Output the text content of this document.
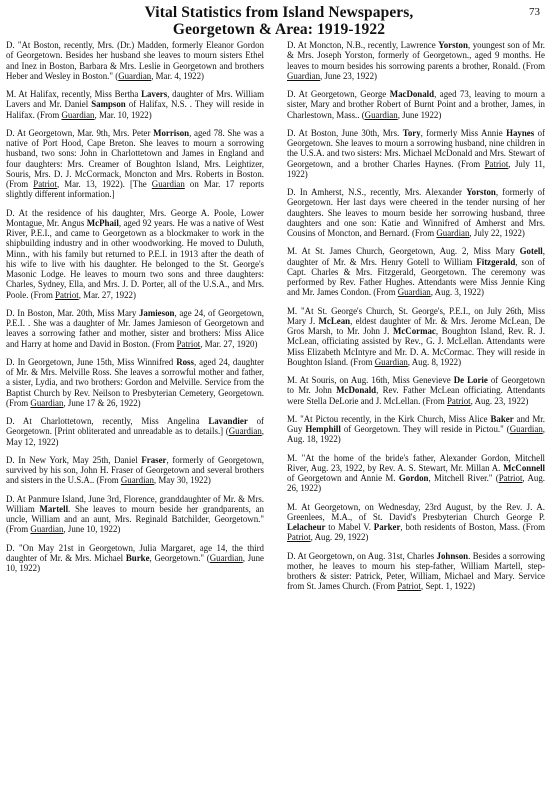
Vital Statistics from Island Newspapers,
Georgetown & Area: 1919-1922
73

D. "At Boston, recently, Mrs. (Dr.) Madden, formerly Eleanor Gordon of Georgetown. Besides her husband she leaves to mourn sisters Ethel and Inez in Boston, Barbara & Mrs. Leslie in Georgetown and brothers Heber and Wesley in Boston." (Guardian, Mar. 4, 1922)

M. At Halifax, recently, Miss Bertha Lavers, daughter of Mrs. William Lavers and Mr. Daniel Sampson of Halifax, N.S. . They will reside in Halifax. (From Guardian, Mar. 10, 1922)

D. At Georgetown, Mar. 9th, Mrs. Peter Morrison, aged 78. She was a native of Port Hood, Cape Breton. She leaves to mourn a sorrowing husband, two sons: John in Charlottetown and James in England and four daughters: Mrs. Creamer of Boughton Island, Mrs. Leightizer, Souris, Mrs. D. J. McCormack, Moncton and Mrs. Roberts in Boston. (From Patriot, Mar. 13, 1922). [The Guardian on Mar. 17 reports slightly different information.]

D. At the residence of his daughter, Mrs. George A. Poole, Lower Montague, Mr. Angus McPhail, aged 92 years. He was a native of West River, P.E.I., and came to Georgetown as a blockmaker to work in the shipbuilding industry and in other woodworking. He moved to Duluth, Minn., with his family but returned to P.E.I. in 1913 after the death of his wife to live with his daughter. He belonged to the St. George's Masonic Lodge. He leaves to mourn two sons and three daughters: Charles, Sydney, Ella, and Mrs. J. D. Porter, all of the U.S.A., and Mrs. Poole. (From Patriot, Mar. 27, 1922)

D. In Boston, Mar. 20th, Miss Mary Jamieson, age 24, of Georgetown, P.E.I. . She was a daughter of Mr. James Jamieson of Georgetown and leaves a sorrowing father and mother, sister and brothers: Miss Alice and Harry at home and David in Boston. (From Patriot, Mar. 27, 1920)

D. In Georgetown, June 15th, Miss Winnifred Ross, aged 24, daughter of Mr. & Mrs. Melville Ross. She leaves a sorrowful mother and father, a sister, Lydia, and two brothers: Gordon and Melville. Service from the Baptist Church by Rev. Neilson to Presbyterian Cemetery, Georgetown. (From Guardian, June 17 & 26, 1922)

D. At Charlottetown, recently, Miss Angelina Lavandier of Georgetown. [Print obliterated and unreadable as to details.] (Guardian, May 12, 1922)

D. In New York, May 25th, Daniel Fraser, formerly of Georgetown, survived by his son, John H. Fraser of Georgetown and several brothers and sisters in the U.S.A.. (From Guardian, May 30, 1922)

D. At Panmure Island, June 3rd, Florence, granddaughter of Mr. & Mrs. William Martell. She leaves to mourn beside her grandparents, an uncle, William and an aunt, Mrs. Reginald Batchilder, Georgetown." (From Guardian, June 10, 1922)

D. "On May 21st in Georgetown, Julia Margaret, age 14, the third daughter of Mr. & Mrs. Michael Burke, Georgetown." (Guardian, June 10, 1922)

D. At Moncton, N.B., recently, Lawrence Yorston, youngest son of Mr. & Mrs. Joseph Yorston, formerly of Georgetown., aged 9 months. He leaves to mourn besides his sorrowing parents a brother, Ronald. (From Guardian, June 23, 1922)

D. At Georgetown, George MacDonald, aged 73, leaving to mourn a sister, Mary and brother Robert of Burnt Point and a brother, James, in Charlestown, Mass.. (Guardian, June 1922)

D. At Boston, June 30th, Mrs. Tory, formerly Miss Annie Haynes of Georgetown. She leaves to mourn a sorrowing husband, nine children in the U.S.A. and two sisters: Mrs. Michael McDonald and Mrs. Stewart of Georgetown, and a brother Charles Haynes. (From Patriot, July 11, 1922)

D. In Amherst, N.S., recently, Mrs. Alexander Yorston, formerly of Georgetown. Her last days were cheered in the tender nursing of her daughters. She leaves to mourn beside her sorrowing husband, three daughters and one son: Katie and Winnifred of Amherst and Mrs. Cousins of Moncton, and Bernard. (From Guardian, July 22, 1922)

M. At St. James Church, Georgetown, Aug. 2, Miss Mary Gotell, daughter of Mr. & Mrs. Henry Gotell to William Fitzgerald, son of Capt. Charles & Mrs. Fitzgerald, Georgetown. The ceremony was performed by Rev. Father Hughes. Attendants were Miss Jennie King and Mr. James Condon. (From Guardian, Aug. 3, 1922)

M. "At St. George's Church, St. George's, P.E.I., on July 26th, Miss Mary J. McLean, eldest daughter of Mr. & Mrs. Jerome McLean, De Gros Marsh, to Mr. John J. McCormac, Boughton Island, Rev. R. J. McLean, officiating assisted by Rev., G. J. McLellan. Attendants were Miss Elizabeth McIntyre and Mr. D. A. McCormac. They will reside in Boughton Island. (From Guardian, Aug. 8, 1922)

M. At Souris, on Aug. 16th, Miss Genevieve De Lorie of Georgetown to Mr. John McDonald, Rev. Father McLean officiating. Attendants were Stella DeLorie and J. McLellan. (From Patriot, Aug. 23, 1922)

M. "At Pictou recently, in the Kirk Church, Miss Alice Baker and Mr. Guy Hemphill of Georgetown. They will reside in Pictou." (Guardian, Aug. 18, 1922)

M. "At the home of the bride's father, Alexander Gordon, Mitchell River, Aug. 23, 1922, by Rev. A. S. Stewart, Mr. Millan A. McConnell of Georgetown and Annie M. Gordon, Mitchell River." (Patriot, Aug. 26, 1922)

M. At Georgetown, on Wednesday, 23rd August, by the Rev. J. A. Greenlees, M.A., of St. David's Presbyterian Church George P. Lelacheur to Mabel V. Parker, both residents of Boston, Mass. (From Patriot, Aug. 29, 1922)

D. At Georgetown, on Aug. 31st, Charles Johnson. Besides a sorrowing mother, he leaves to mourn his step-father, William Martell, step-brothers & sister: Patrick, Peter, William, Michael and Mary. Service from St. James Church. (From Patriot, Sept. 1, 1922)
